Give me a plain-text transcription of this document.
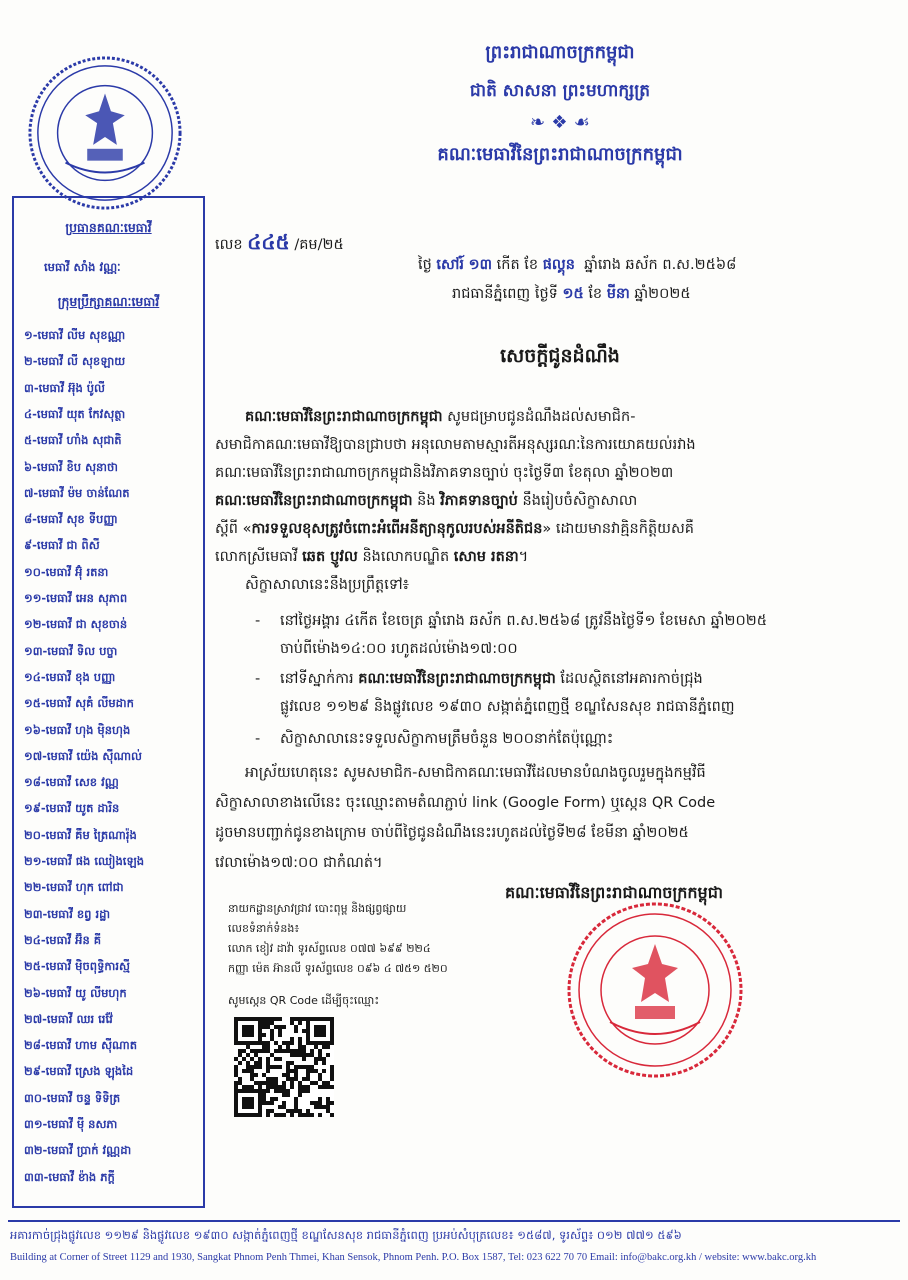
ព្រះរាជាណាចក្រកម្ពុជា
ជាតិ សាសនា ព្រះមហាក្សត្រ
❧ ❖ ☙
គណៈមេធាវីនៃព្រះរាជាណាចក្រកម្ពុជា
ប្រធានគណៈមេធាវី
មេធាវី សាំង វណ្ណៈ
ក្រុមប្រឹក្សាគណៈមេធាវី
១-មេធាវី លីម សុខណ្ណា
២-មេធាវី លី សុខឡាយ
៣-មេធាវី អ៊ុង ប៉ូលី
៤-មេធាវី យុត កែវសុត្ថា
៥-មេធាវី ហាំង សុជាតិ
៦-មេធាវី ខិប សុនាថា
៧-មេធាវី ម៉ម ចាន់ណែត
៨-មេធាវី សុខ ទីបញ្ញា
៩-មេធាវី ជា ពិសី
១០-មេធាវី អ៊ុំ រតនា
១១-មេធាវី អេន សុភាព
១២-មេធាវី ជា សុខចាន់
១៣-មេធាវី ទិល បច្ចា
១៤-មេធាវី ខុង បញ្ញា
១៥-មេធាវី សុគំ លីមដាក
១៦-មេធាវី ហុង ម៉ិនហុង
១៧-មេធាវី យ៉េង ស៊ីណាល់
១៨-មេធាវី សេខ វណ្ណ
១៩-មេធាវី យូត ដារិន
២០-មេធាវី គឹម ត្រៃណារ៉ុង
២១-មេធាវី ផង ឈៀងឡេង
២២-មេធាវី ហុក ពៅជា
២៣-មេធាវី ខព្វ រដ្ឋា
២៤-មេធាវី អ៊ិន គី
២៥-មេធាវី ម៉ិចពុទ្ធិការស្មី
២៦-មេធាវី យូ លីមហុក
២៧-មេធាវី ឈរ រេវ៉ែ
២៨-មេធាវី ហាម ស៊ីណាត
២៩-មេធាវី ស្រេង ឡុងដៃ
៣០-មេធាវី ចន្ទ ទិទិត្រ
៣១-មេធាវី ម៉ី នសភា
៣២-មេធាវី ប្រាក់ វណ្ណដា
៣៣-មេធាវី ខ៉ាង ភក្តី
លេខ ៤៤៥ /គម/២៥
ថ្ងៃ សៅរ៍ ១៣ កើត ខែ ផល្គុន ឆ្នាំរោង ឆស័ក ព.ស.២៥៦៨
រាជធានីភ្នំពេញ ថ្ងៃទី ១៥ ខែ មីនា ឆ្នាំ២០២៥
សេចក្ដីជូនដំណឹង
គណៈមេធាវីនៃព្រះរាជាណាចក្រកម្ពុជា សូមជម្រាបជូនដំណឹងដល់សមាជិក-
សមាជិកាគណៈមេធាវីឱ្យបានជ្រាបថា អនុលោមតាមស្មារតីអនុស្សរណៈនៃការយោគយល់រវាង
គណៈមេធាវីនៃព្រះរាជាណាចក្រកម្ពុជានិងវិភាគទានច្បាប់ ចុះថ្ងៃទី៣ ខែតុលា ឆ្នាំ២០២៣
គណៈមេធាវីនៃព្រះរាជាណាចក្រកម្ពុជា និង វិភាគទានច្បាប់ នឹងរៀបចំសិក្ខាសាលា
ស្ដីពី «ការទទួលខុសត្រូវចំពោះអំពើអនីត្យានុកូលរបស់អនីតិជន» ដោយមានវាគ្មិនកិត្តិយសគឺ
លោកស្រីមេធាវី ឆេត ប្ញូវល និងលោកបណ្ឌិត សោម រតនា។
សិក្ខាសាលានេះនឹងប្រព្រឹត្តទៅ៖
- នៅថ្ងៃអង្គារ ៤កើត ខែចេត្រ ឆ្នាំរោង ឆស័ក ព.ស.២៥៦៨ ត្រូវនឹងថ្ងៃទី១ ខែមេសា ឆ្នាំ២០២៥
ចាប់ពីម៉ោង១៤:០០ រហូតដល់ម៉ោង១៧:០០
- នៅទីស្នាក់ការ គណៈមេធាវីនៃព្រះរាជាណាចក្រកម្ពុជា ដែលស្ថិតនៅអគារកាច់ជ្រុង
ផ្លូវលេខ ១១២៩ និងផ្លូវលេខ ១៩៣០ សង្កាត់ភ្នំពេញថ្មី ខណ្ឌសែនសុខ រាជធានីភ្នំពេញ
- សិក្ខាសាលានេះទទួលសិក្ខាកាមត្រឹមចំនួន ២០០នាក់តែប៉ុណ្ណោះ
អាស្រ័យហេតុនេះ សូមសមាជិក-សមាជិកាគណៈមេធាវីដែលមានបំណងចូលរួមក្នុងកម្មវិធី
សិក្ខាសាលាខាងលើនេះ ចុះឈ្មោះតាមតំណភ្ជាប់ link (Google Form) ឬស្កេន QR Code
ដូចមានបញ្ជាក់ជូនខាងក្រោម ចាប់ពីថ្ងៃជូនដំណឹងនេះរហូតដល់ថ្ងៃទី២៨ ខែមីនា ឆ្នាំ២០២៥
វេលាម៉ោង១៧:០០ ជាកំណត់។
គណៈមេធាវីនៃព្រះរាជាណាចក្រកម្ពុជា
នាយកដ្ឋានស្រាវជ្រាវ បោះពុម្ព និងផ្សព្វផ្សាយ
លេខទំនាក់ទំនង៖
លោក ខៀវ ដាវ៉ា ទូរស័ព្ទលេខ ០៧៧ ៦៩៩ ២២៤
កញ្ញា ម៉េត អ៊ានលី ទូរស័ព្ទលេខ ០៩៦ ៤ ៧៥១ ៥២០
សូមស្កេន QR Code ដើម្បីចុះឈ្មោះ
អគារកាច់ជ្រុងផ្លូវលេខ ១១២៩ និងផ្លូវលេខ ១៩៣០ សង្កាត់ភ្នំពេញថ្មី ខណ្ឌសែនសុខ រាជធានីភ្នំពេញ ប្រអប់សំបុត្រលេខ៖ ១៥៨៧, ទូរស័ព្ទ៖ ០១២ ៧៧១ ៥៩៦
Building at Corner of Street 1129 and 1930, Sangkat Phnom Penh Thmei, Khan Sensok, Phnom Penh. P.O. Box 1587, Tel: 023 622 70 70 Email: info@bakc.org.kh / website: www.bakc.org.kh
